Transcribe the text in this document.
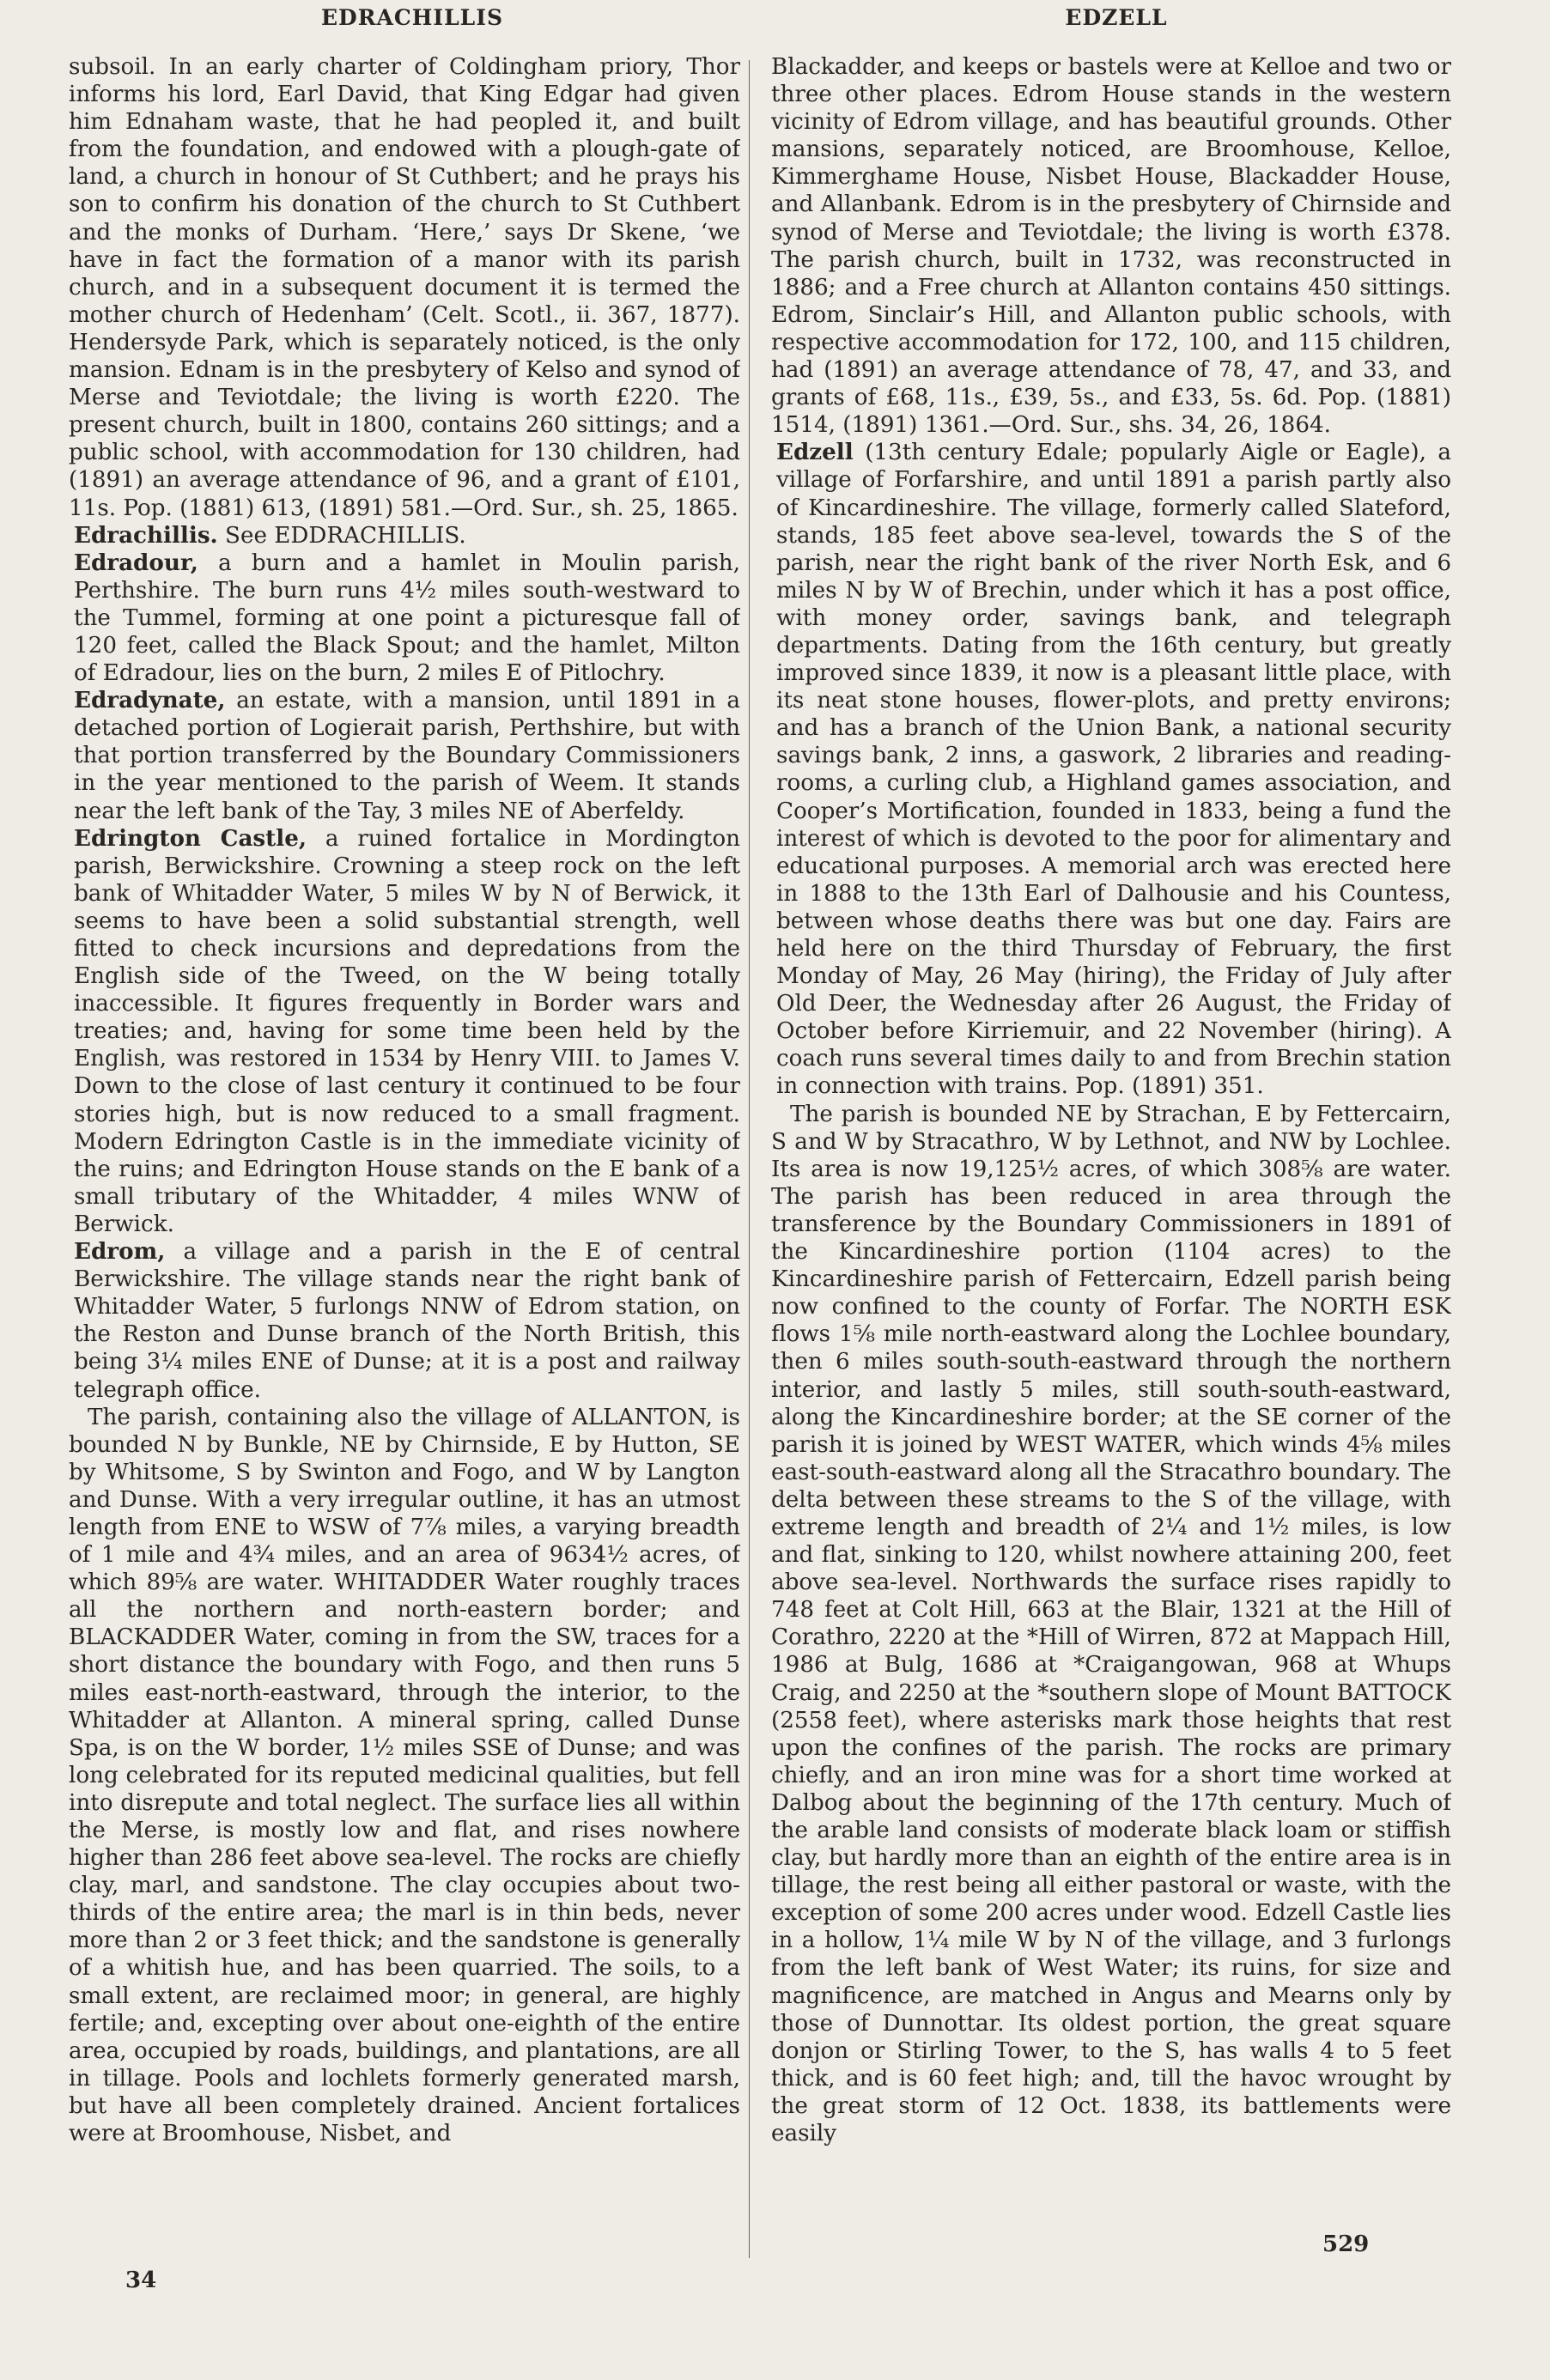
EDRACHILLIS	EDZELL

subsoil. In an early charter of Coldingham priory, Thor informs his lord, Earl David, that King Edgar had given him Ednaham waste, that he had peopled it, and built from the foundation, and endowed with a plough-gate of land, a church in honour of St Cuthbert; and he prays his son to confirm his donation of the church to St Cuthbert and the monks of Durham. ‘Here,’ says Dr Skene, ‘we have in fact the formation of a manor with its parish church, and in a subsequent document it is termed the mother church of Hedenham’ (Celt. Scotl., ii. 367, 1877). Hendersyde Park, which is separately noticed, is the only mansion. Ednam is in the presbytery of Kelso and synod of Merse and Teviotdale; the living is worth £220. The present church, built in 1800, contains 260 sittings; and a public school, with accommodation for 130 children, had (1891) an average attendance of 96, and a grant of £101, 11s. Pop. (1881) 613, (1891) 581.—Ord. Sur., sh. 25, 1865.

Edrachillis. See EDDRACHILLIS.

Edradour, a burn and a hamlet in Moulin parish, Perthshire. The burn runs 4½ miles south-westward to the Tummel, forming at one point a picturesque fall of 120 feet, called the Black Spout; and the hamlet, Milton of Edradour, lies on the burn, 2 miles E of Pitlochry.

Edradynate, an estate, with a mansion, until 1891 in a detached portion of Logierait parish, Perthshire, but with that portion transferred by the Boundary Commissioners in the year mentioned to the parish of Weem. It stands near the left bank of the Tay, 3 miles NE of Aberfeldy.

Edrington Castle, a ruined fortalice in Mordington parish, Berwickshire. Crowning a steep rock on the left bank of Whitadder Water, 5 miles W by N of Berwick, it seems to have been a solid substantial strength, well fitted to check incursions and depredations from the English side of the Tweed, on the W being totally inaccessible. It figures frequently in Border wars and treaties; and, having for some time been held by the English, was restored in 1534 by Henry VIII. to James V. Down to the close of last century it continued to be four stories high, but is now reduced to a small fragment. Modern Edrington Castle is in the immediate vicinity of the ruins; and Edrington House stands on the E bank of a small tributary of the Whitadder, 4 miles WNW of Berwick.

Edrom, a village and a parish in the E of central Berwickshire. The village stands near the right bank of Whitadder Water, 5 furlongs NNW of Edrom station, on the Reston and Dunse branch of the North British, this being 3¼ miles ENE of Dunse; at it is a post and railway telegraph office.

The parish, containing also the village of ALLANTON, is bounded N by Bunkle, NE by Chirnside, E by Hutton, SE by Whitsome, S by Swinton and Fogo, and W by Langton and Dunse. With a very irregular outline, it has an utmost length from ENE to WSW of 7⅞ miles, a varying breadth of 1 mile and 4¾ miles, and an area of 9634½ acres, of which 89⅝ are water. WHITADDER Water roughly traces all the northern and north-eastern border; and BLACKADDER Water, coming in from the SW, traces for a short distance the boundary with Fogo, and then runs 5 miles east-north-eastward, through the interior, to the Whitadder at Allanton. A mineral spring, called Dunse Spa, is on the W border, 1½ miles SSE of Dunse; and was long celebrated for its reputed medicinal qualities, but fell into disrepute and total neglect. The surface lies all within the Merse, is mostly low and flat, and rises nowhere higher than 286 feet above sea-level. The rocks are chiefly clay, marl, and sandstone. The clay occupies about two-thirds of the entire area; the marl is in thin beds, never more than 2 or 3 feet thick; and the sandstone is generally of a whitish hue, and has been quarried. The soils, to a small extent, are reclaimed moor; in general, are highly fertile; and, excepting over about one-eighth of the entire area, occupied by roads, buildings, and plantations, are all in tillage. Pools and lochlets formerly generated marsh, but have all been completely drained. Ancient fortalices were at Broomhouse, Nisbet, and

Blackadder, and keeps or bastels were at Kelloe and two or three other places. Edrom House stands in the western vicinity of Edrom village, and has beautiful grounds. Other mansions, separately noticed, are Broomhouse, Kelloe, Kimmerghame House, Nisbet House, Blackadder House, and Allanbank. Edrom is in the presbytery of Chirnside and synod of Merse and Teviotdale; the living is worth £378. The parish church, built in 1732, was reconstructed in 1886; and a Free church at Allanton contains 450 sittings. Edrom, Sinclair’s Hill, and Allanton public schools, with respective accommodation for 172, 100, and 115 children, had (1891) an average attendance of 78, 47, and 33, and grants of £68, 11s., £39, 5s., and £33, 5s. 6d. Pop. (1881) 1514, (1891) 1361.—Ord. Sur., shs. 34, 26, 1864.

Edzell (13th century Edale; popularly Aigle or Eagle), a village of Forfarshire, and until 1891 a parish partly also of Kincardineshire. The village, formerly called Slateford, stands, 185 feet above sea-level, towards the S of the parish, near the right bank of the river North Esk, and 6 miles N by W of Brechin, under which it has a post office, with money order, savings bank, and telegraph departments. Dating from the 16th century, but greatly improved since 1839, it now is a pleasant little place, with its neat stone houses, flower-plots, and pretty environs; and has a branch of the Union Bank, a national security savings bank, 2 inns, a gaswork, 2 libraries and reading-rooms, a curling club, a Highland games association, and Cooper’s Mortification, founded in 1833, being a fund the interest of which is devoted to the poor for alimentary and educational purposes. A memorial arch was erected here in 1888 to the 13th Earl of Dalhousie and his Countess, between whose deaths there was but one day. Fairs are held here on the third Thursday of February, the first Monday of May, 26 May (hiring), the Friday of July after Old Deer, the Wednesday after 26 August, the Friday of October before Kirriemuir, and 22 November (hiring). A coach runs several times daily to and from Brechin station in connection with trains. Pop. (1891) 351.

The parish is bounded NE by Strachan, E by Fettercairn, S and W by Stracathro, W by Lethnot, and NW by Lochlee. Its area is now 19,125½ acres, of which 308⅝ are water. The parish has been reduced in area through the transference by the Boundary Commissioners in 1891 of the Kincardineshire portion (1104 acres) to the Kincardineshire parish of Fettercairn, Edzell parish being now confined to the county of Forfar. The NORTH ESK flows 1⅝ mile north-eastward along the Lochlee boundary, then 6 miles south-south-eastward through the northern interior, and lastly 5 miles, still south-south-eastward, along the Kincardineshire border; at the SE corner of the parish it is joined by WEST WATER, which winds 4⅝ miles east-south-eastward along all the Stracathro boundary. The delta between these streams to the S of the village, with extreme length and breadth of 2¼ and 1½ miles, is low and flat, sinking to 120, whilst nowhere attaining 200, feet above sea-level. Northwards the surface rises rapidly to 748 feet at Colt Hill, 663 at the Blair, 1321 at the Hill of Corathro, 2220 at the *Hill of Wirren, 872 at Mappach Hill, 1986 at Bulg, 1686 at *Craigangowan, 968 at Whups Craig, and 2250 at the *southern slope of Mount BATTOCK (2558 feet), where asterisks mark those heights that rest upon the confines of the parish. The rocks are primary chiefly, and an iron mine was for a short time worked at Dalbog about the beginning of the 17th century. Much of the arable land consists of moderate black loam or stiffish clay, but hardly more than an eighth of the entire area is in tillage, the rest being all either pastoral or waste, with the exception of some 200 acres under wood. Edzell Castle lies in a hollow, 1¼ mile W by N of the village, and 3 furlongs from the left bank of West Water; its ruins, for size and magnificence, are matched in Angus and Mearns only by those of Dunnottar. Its oldest portion, the great square donjon or Stirling Tower, to the S, has walls 4 to 5 feet thick, and is 60 feet high; and, till the havoc wrought by the great storm of 12 Oct. 1838, its battlements were easily

34
529
